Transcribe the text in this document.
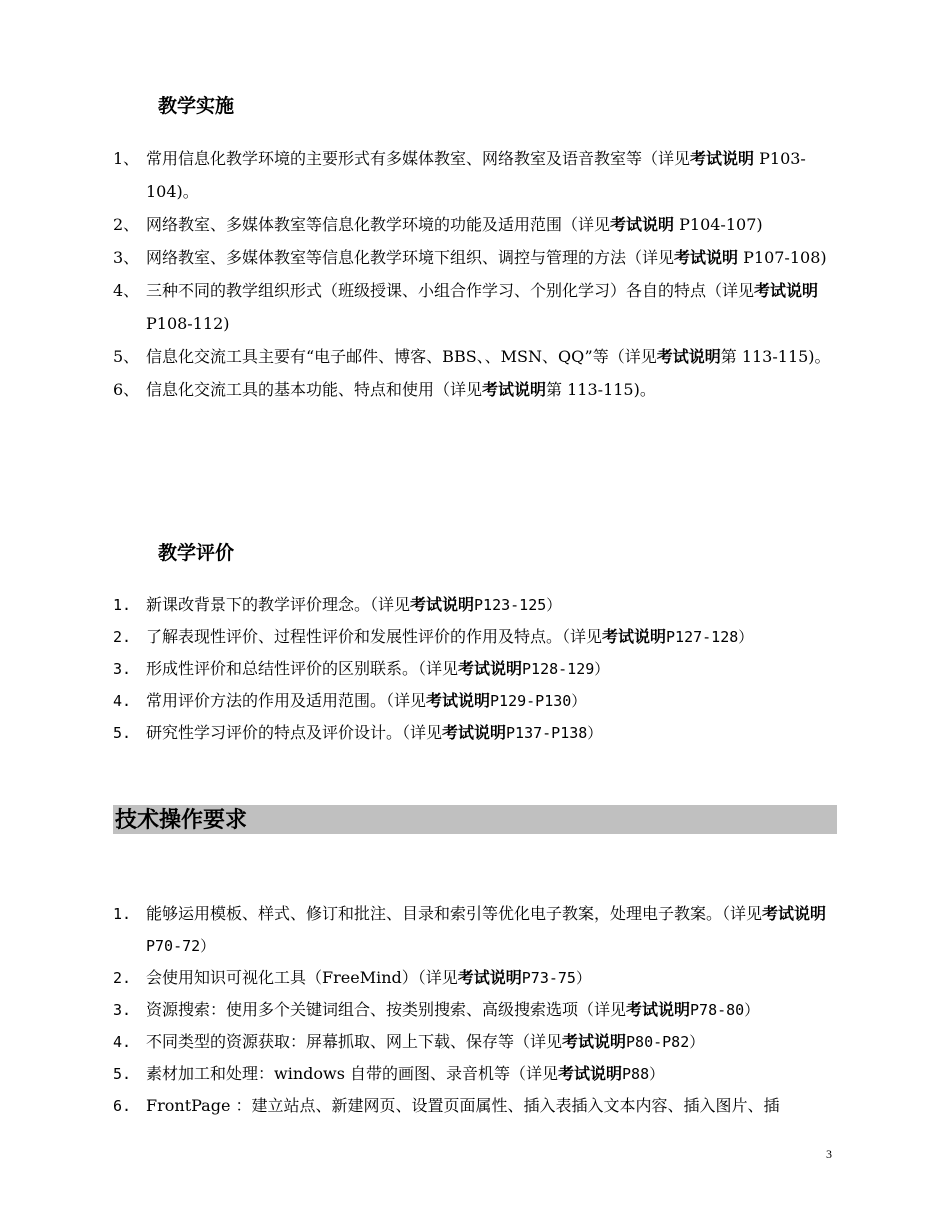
教学实施
1、 常用信息化教学环境的主要形式有多媒体教室、网络教室及语音教室等（详见考试说明 P103-104)。
2、 网络教室、多媒体教室等信息化教学环境的功能及适用范围（详见考试说明 P104-107)
3、 网络教室、多媒体教室等信息化教学环境下组织、调控与管理的方法（详见考试说明 P107-108)
4、 三种不同的教学组织形式（班级授课、小组合作学习、个别化学习）各自的特点（详见考试说明 P108-112)
5、 信息化交流工具主要有“电子邮件、博客、BBS、、MSN、QQ”等（详见考试说明第 113-115)。
6、 信息化交流工具的基本功能、特点和使用（详见考试说明第 113-115)。
教学评价
1. 新课改背景下的教学评价理念。（详见考试说明P123-125）
2. 了解表现性评价、过程性评价和发展性评价的作用及特点。（详见考试说明P127-128）
3. 形成性评价和总结性评价的区别联系。（详见考试说明P128-129）
4. 常用评价方法的作用及适用范围。（详见考试说明P129-P130）
5. 研究性学习评价的特点及评价设计。（详见考试说明P137-P138）
技术操作要求
1. 能够运用模板、样式、修订和批注、目录和索引等优化电子教案，处理电子教案。（详见考试说明P70-72）
2. 会使用知识可视化工具（FreeMind）（详见考试说明P73-75）
3. 资源搜索：使用多个关键词组合、按类别搜索、高级搜索选项（详见考试说明P78-80）
4. 不同类型的资源获取：屏幕抓取、网上下载、保存等（详见考试说明P80-P82）
5. 素材加工和处理：windows 自带的画图、录音机等（详见考试说明P88）
6. FrontPage ：建立站点、新建网页、设置页面属性、插入表插入文本内容、插入图片、插
3
